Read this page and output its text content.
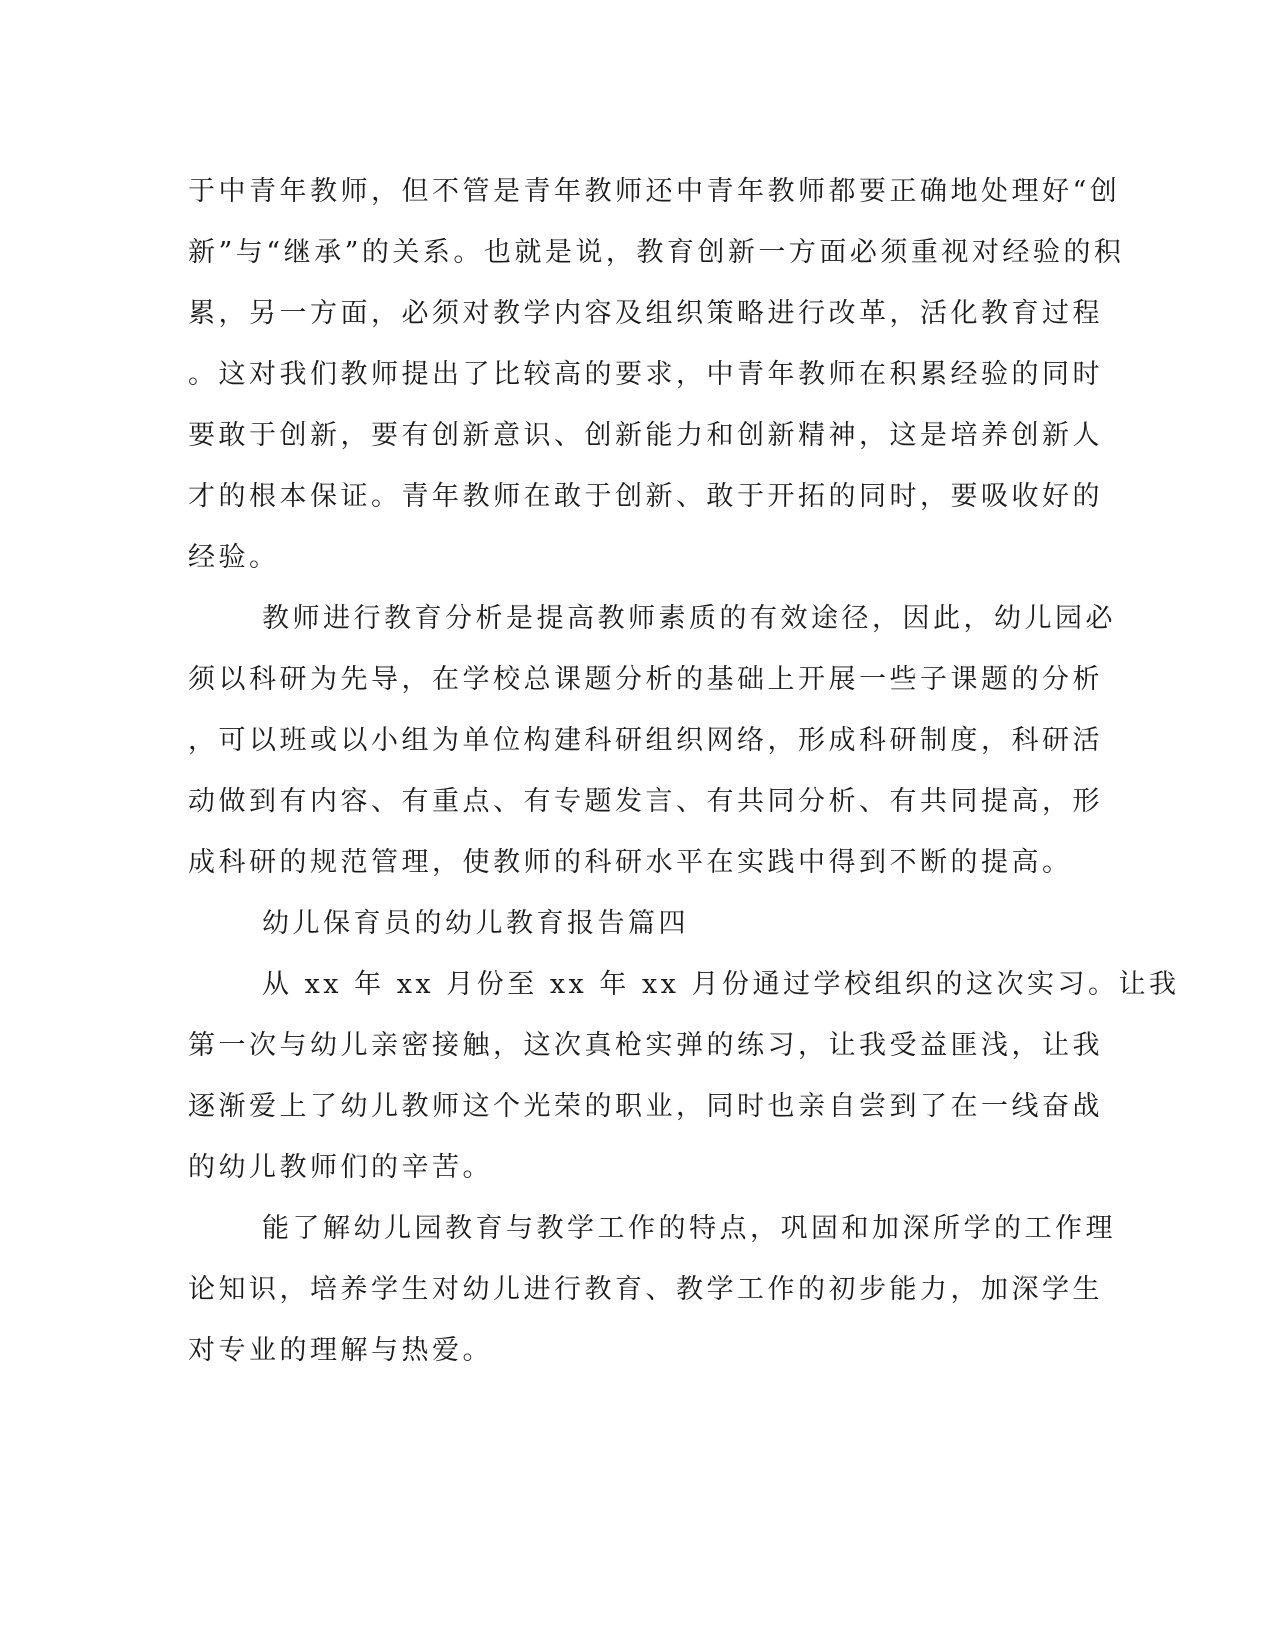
于中青年教师，但不管是青年教师还中青年教师都要正确地处理好“创
新”与“继承”的关系。也就是说，教育创新一方面必须重视对经验的积
累，另一方面，必须对教学内容及组织策略进行改革，活化教育过程
。这对我们教师提出了比较高的要求，中青年教师在积累经验的同时
要敢于创新，要有创新意识、创新能力和创新精神，这是培养创新人
才的根本保证。青年教师在敢于创新、敢于开拓的同时，要吸收好的
经验。
教师进行教育分析是提高教师素质的有效途径，因此，幼儿园必
须以科研为先导，在学校总课题分析的基础上开展一些子课题的分析
，可以班或以小组为单位构建科研组织网络，形成科研制度，科研活
动做到有内容、有重点、有专题发言、有共同分析、有共同提高，形
成科研的规范管理，使教师的科研水平在实践中得到不断的提高。
幼儿保育员的幼儿教育报告篇四
从 xx 年 xx 月份至 xx 年 xx 月份通过学校组织的这次实习。让我
第一次与幼儿亲密接触，这次真枪实弹的练习，让我受益匪浅，让我
逐渐爱上了幼儿教师这个光荣的职业，同时也亲自尝到了在一线奋战
的幼儿教师们的辛苦。
能了解幼儿园教育与教学工作的特点，巩固和加深所学的工作理
论知识，培养学生对幼儿进行教育、教学工作的初步能力，加深学生
对专业的理解与热爱。
